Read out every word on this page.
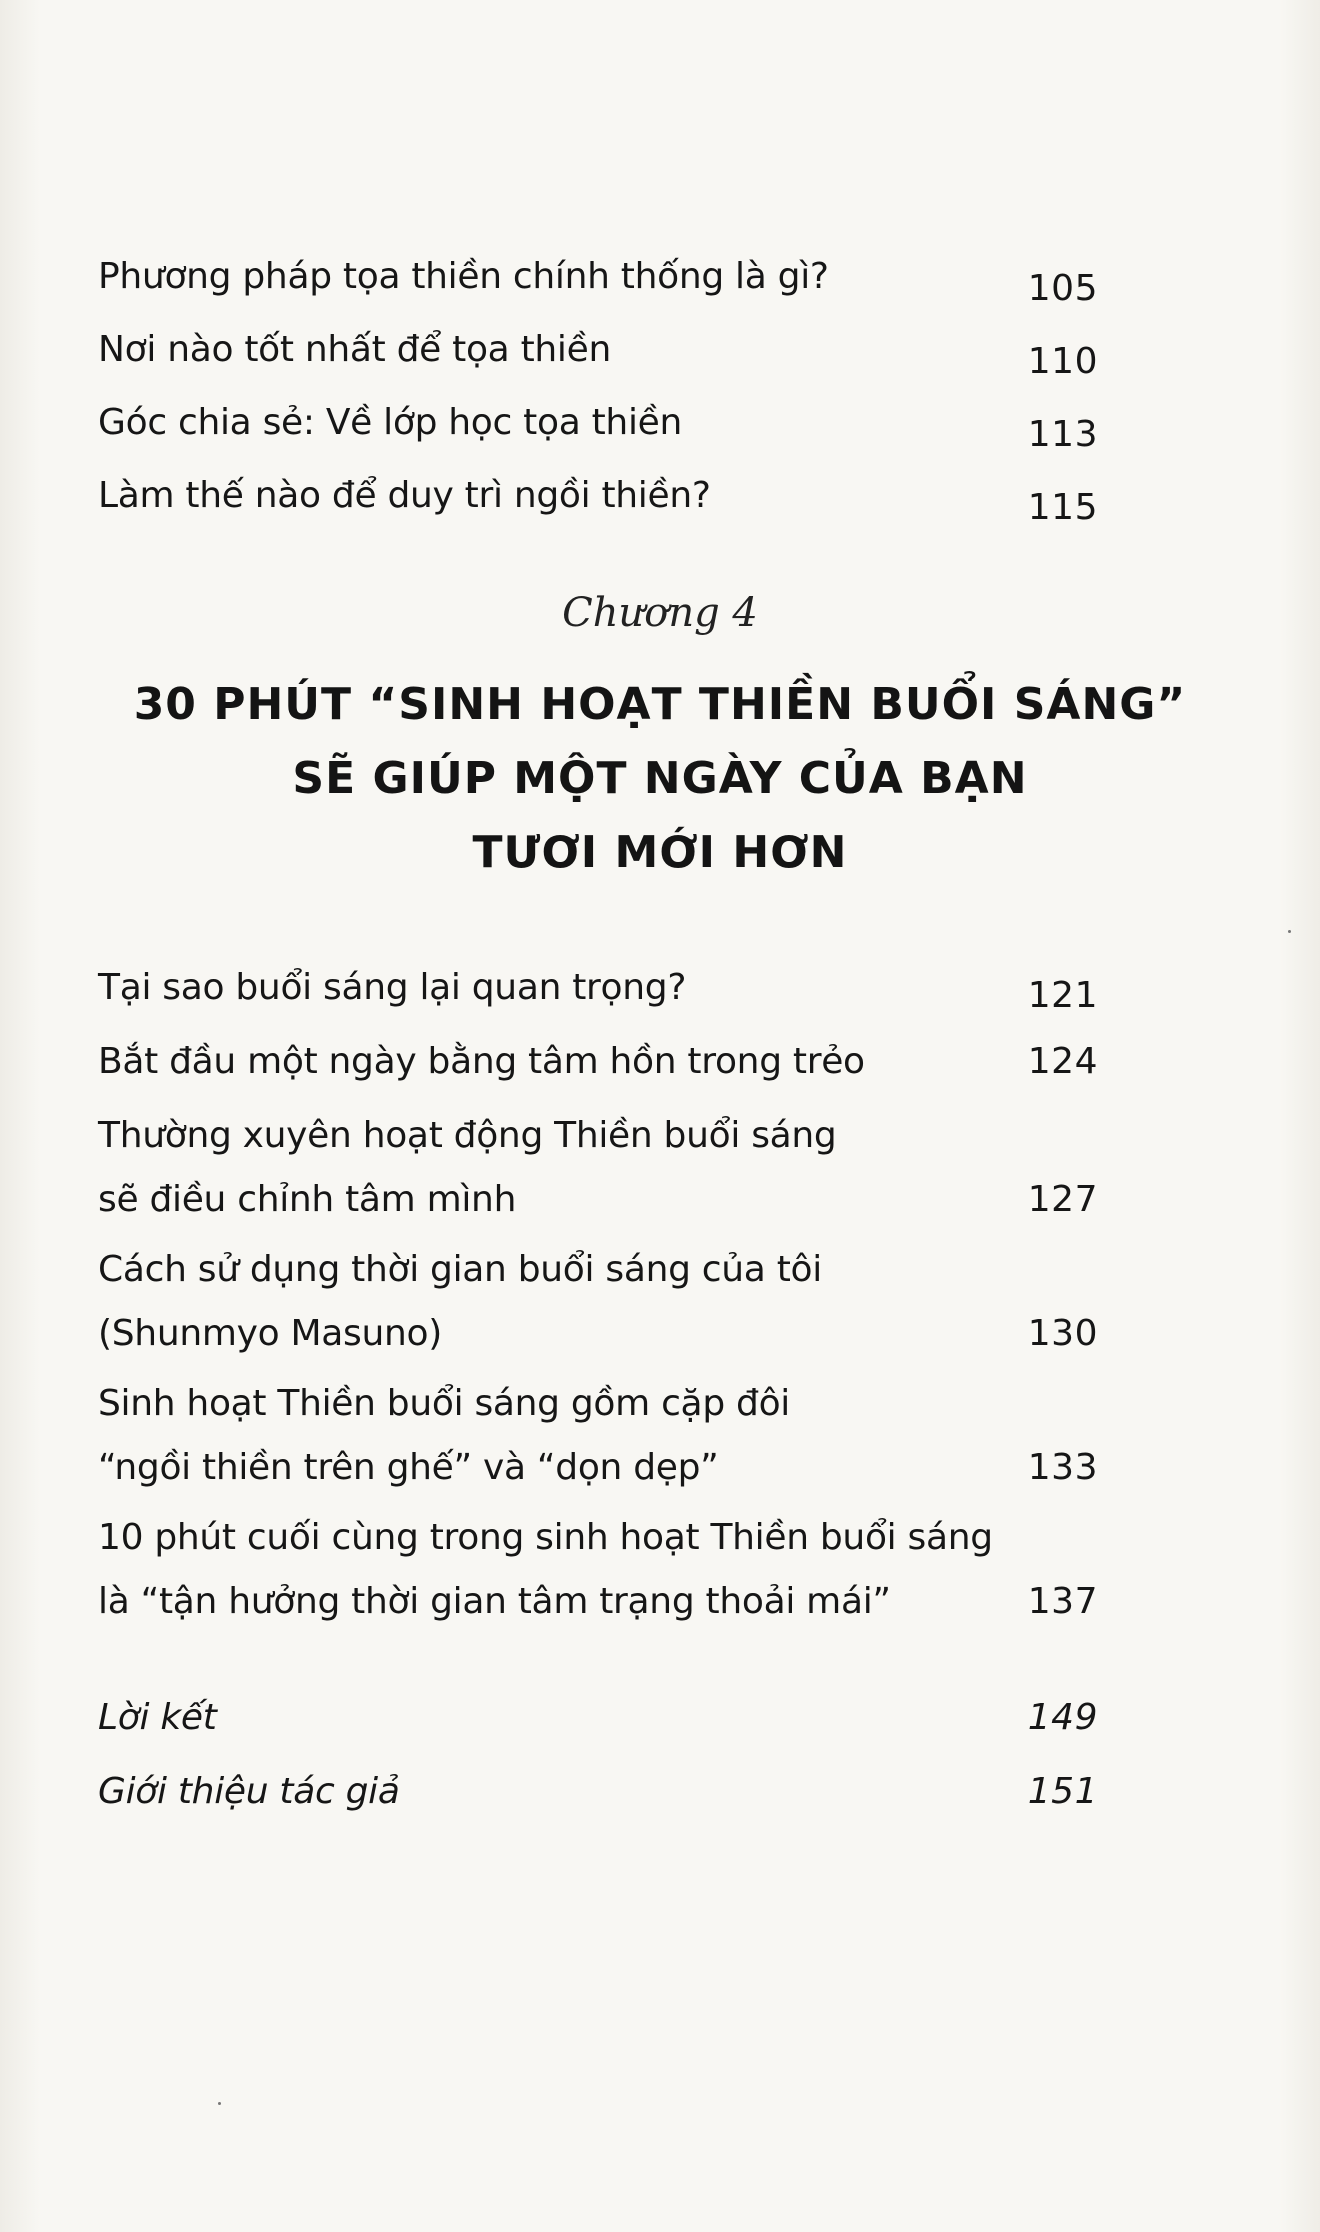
Phương pháp tọa thiền chính thống là gì?	105
Nơi nào tốt nhất để tọa thiền	110
Góc chia sẻ: Về lớp học tọa thiền	113
Làm thế nào để duy trì ngồi thiền?	115
Chương 4
30 PHÚT “SINH HOẠT THIỀN BUỔI SÁNG”
SẼ GIÚP MỘT NGÀY CỦA BẠN
TƯƠI MỚI HƠN
Tại sao buổi sáng lại quan trọng?	121
Bắt đầu một ngày bằng tâm hồn trong trẻo	124
Thường xuyên hoạt động Thiền buổi sáng
sẽ điều chỉnh tâm mình	127
Cách sử dụng thời gian buổi sáng của tôi
(Shunmyo Masuno)	130
Sinh hoạt Thiền buổi sáng gồm cặp đôi
“ngồi thiền trên ghế” và “dọn dẹp”	133
10 phút cuối cùng trong sinh hoạt Thiền buổi sáng
là “tận hưởng thời gian tâm trạng thoải mái”	137
Lời kết	149
Giới thiệu tác giả	151
